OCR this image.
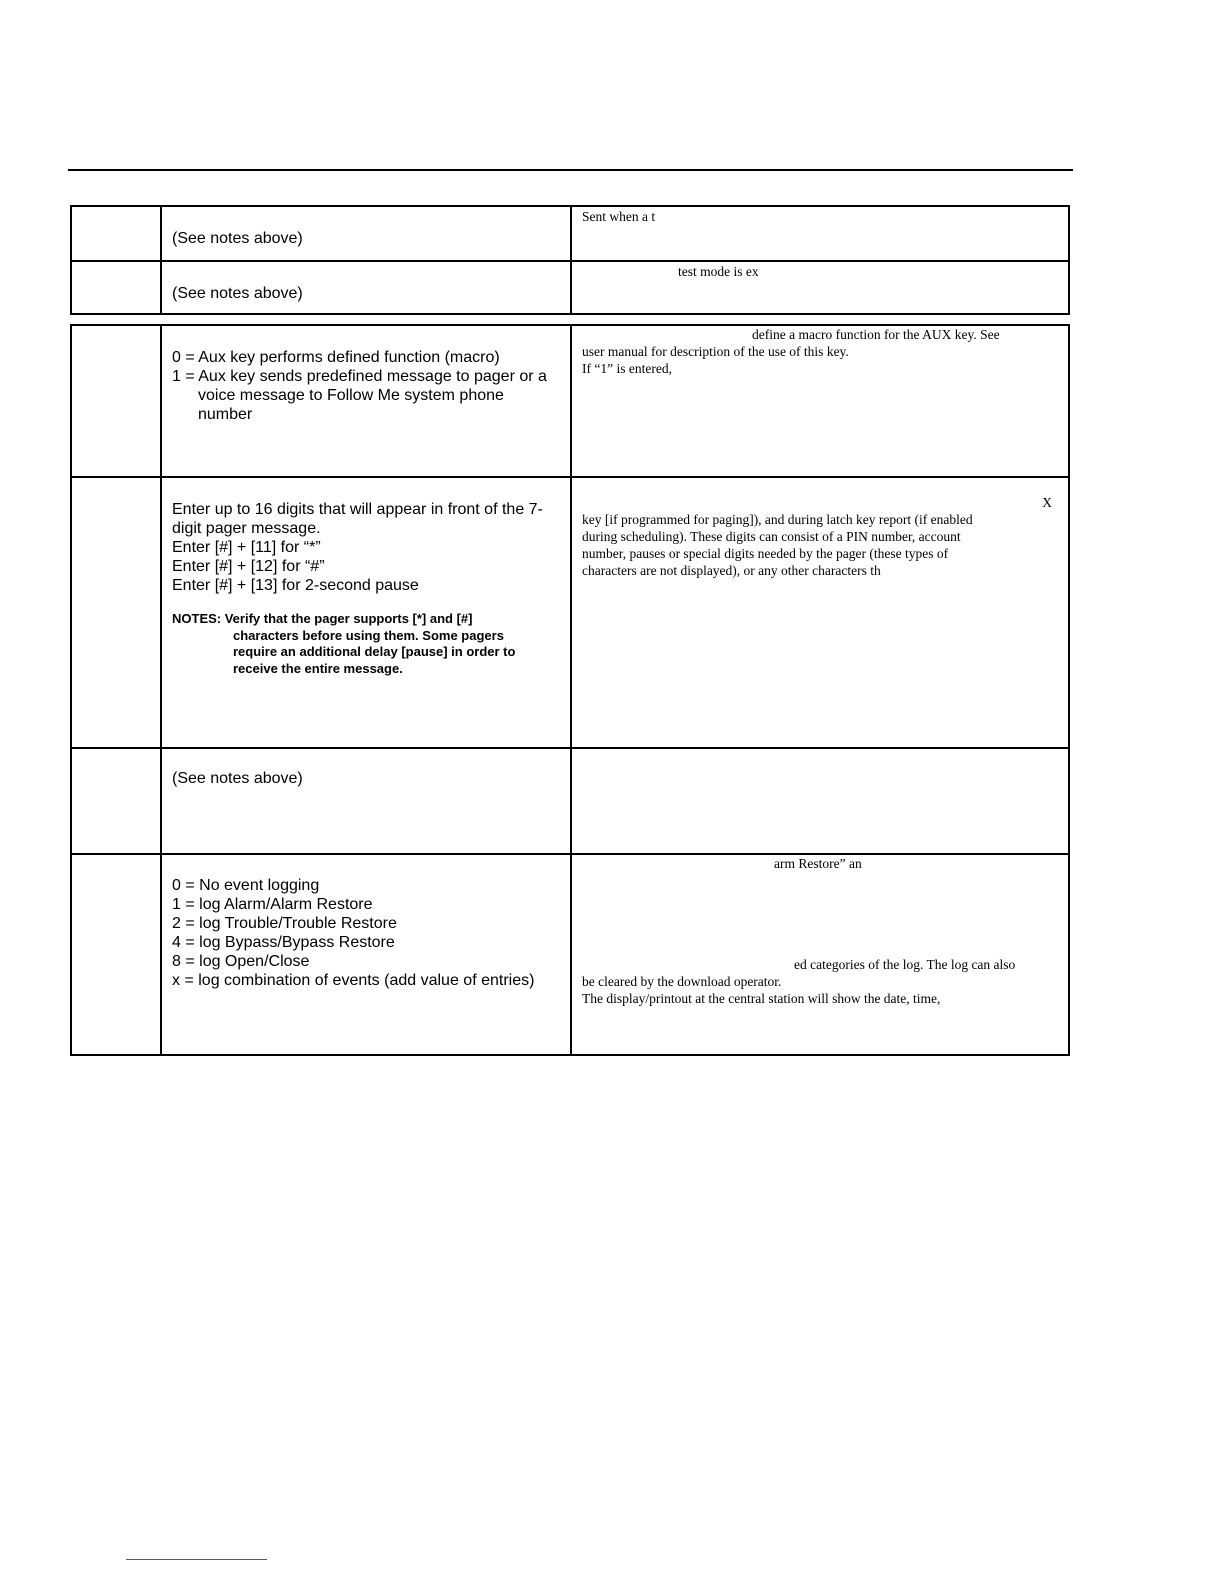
(See notes above)
Sent when a t
(See notes above)
test mode is ex
0 = Aux key performs defined function (macro)
1 = Aux key sends predefined message to pager or a
voice message to Follow Me system phone
number
define a macro function for the AUX key. See
user manual for description of the use of this key.
If “1” is entered,
Enter up to 16 digits that will appear in front of the 7-
digit pager message.
Enter [#] + [11] for “*”
Enter [#] + [12] for “#”
Enter [#] + [13] for 2-second pause
NOTES: Verify that the pager supports [*] and [#]
characters before using them. Some pagers
require an additional delay [pause] in order to
receive the entire message.
X
key [if programmed for paging]), and during latch key report (if enabled
during scheduling). These digits can consist of a PIN number, account
number, pauses or special digits needed by the pager (these types of
characters are not displayed), or any other characters th
(See notes above)
0 = No event logging
1 = log Alarm/Alarm Restore
2 = log Trouble/Trouble Restore
4 = log Bypass/Bypass Restore
8 = log Open/Close
x = log combination of events (add value of entries)
arm Restore” an
ed categories of the log. The log can also
be cleared by the download operator.
The display/printout at the central station will show the date, time,
